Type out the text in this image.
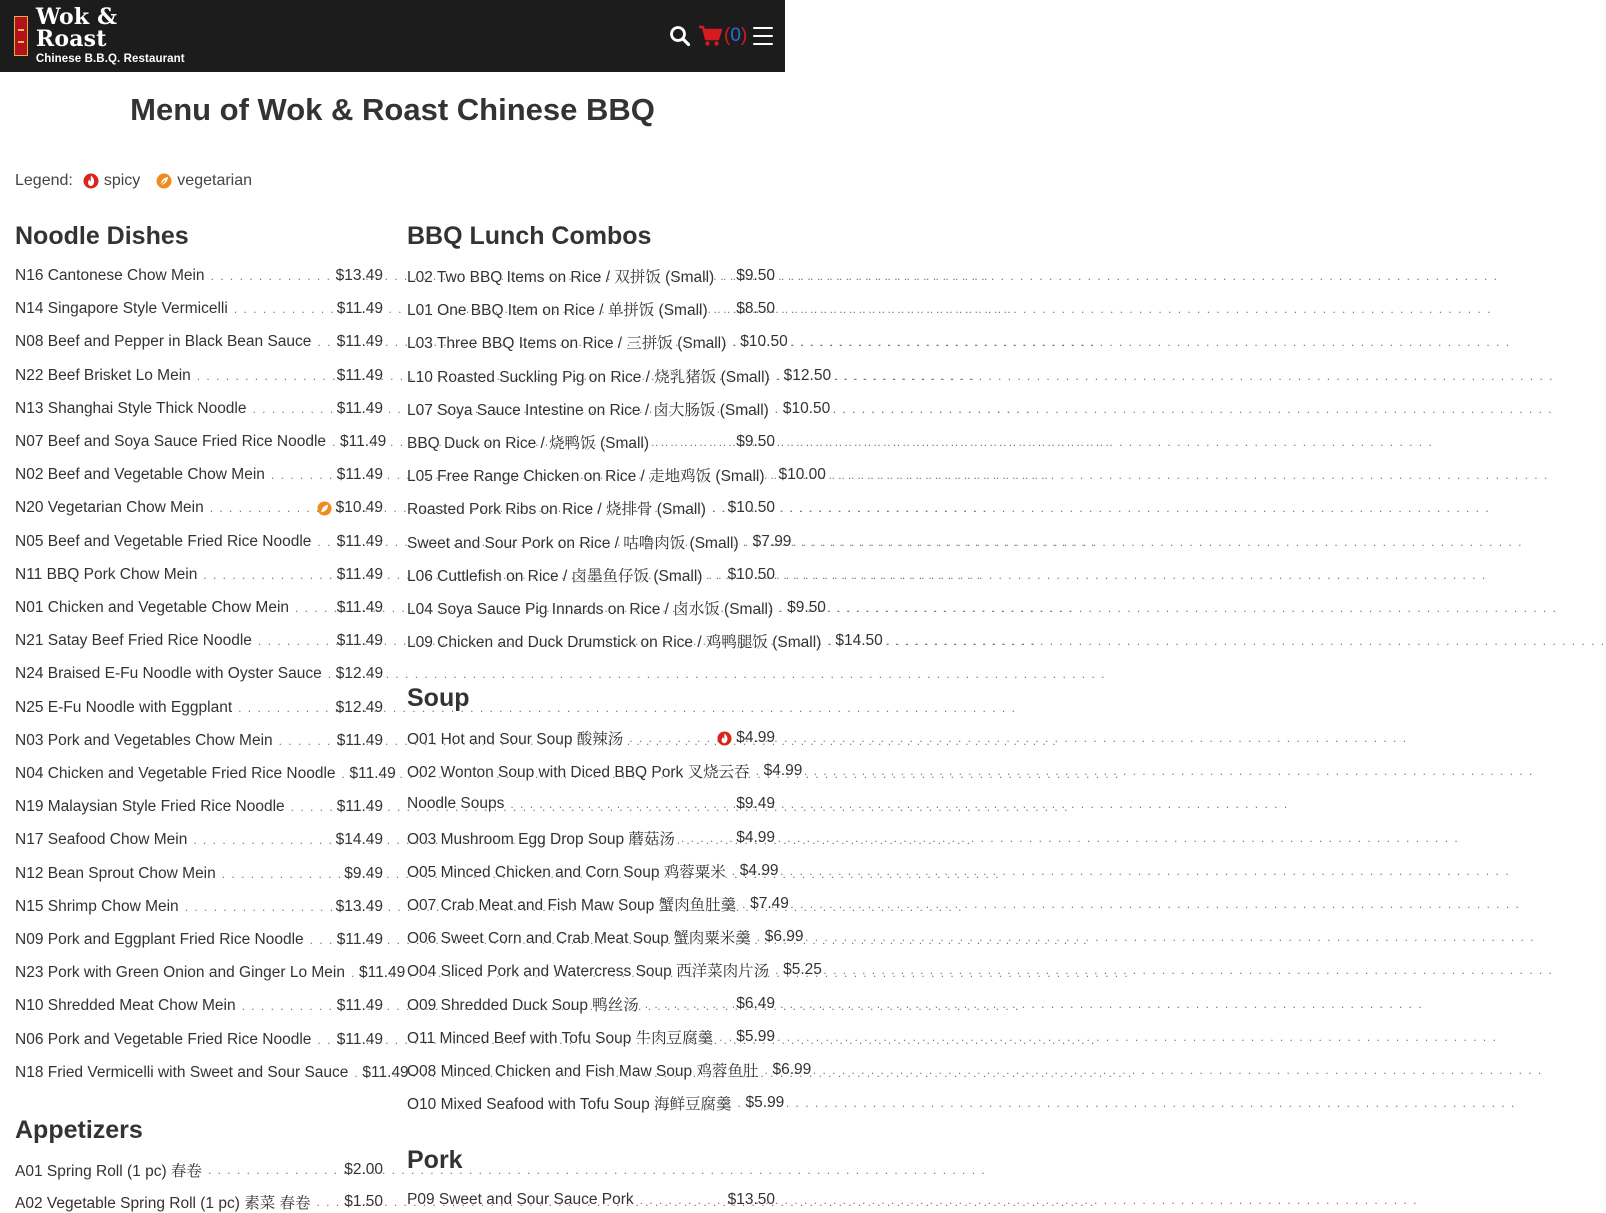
Wok & Roast
Chinese B.B.Q. Restaurant
(0)
Menu of Wok & Roast Chinese BBQ
Legend: spicy vegetarian
Noodle Dishes
N16 Cantonese Chow Mein . . .	$13.49
N14 Singapore Style Vermicelli . . .	$11.49
N08 Beef and Pepper in Black Bean Sauce . . . $11.49
N22 Beef Brisket Lo Mein . . .	$11.49
N13 Shanghai Style Thick Noodle . . .	$11.49
N07 Beef and Soya Sauce Fried Rice Noodle . . . $11.49
N02 Beef and Vegetable Chow Mein . . .	$11.49
N20 Vegetarian Chow Mein . . .	$10.49
N05 Beef and Vegetable Fried Rice Noodle . . . $11.49
N11 BBQ Pork Chow Mein . . .	$11.49
N01 Chicken and Vegetable Chow Mein . . .	$11.49
N21 Satay Beef Fried Rice Noodle . . .	$11.49
N24 Braised E-Fu Noodle with Oyster Sauce . . . $12.49
N25 E-Fu Noodle with Eggplant . . .	$12.49
N03 Pork and Vegetables Chow Mein . . .	$11.49
N04 Chicken and Vegetable Fried Rice Noodle . . . $11.49
N19 Malaysian Style Fried Rice Noodle . . .	$11.49
N17 Seafood Chow Mein . . .	$14.49
N12 Bean Sprout Chow Mein . . .	$9.49
N15 Shrimp Chow Mein . . .	$13.49
N09 Pork and Eggplant Fried Rice Noodle . . . $11.49
N23 Pork with Green Onion and Ginger Lo Mein . . . $11.49
N10 Shredded Meat Chow Mein . . .	$11.49
N06 Pork and Vegetable Fried Rice Noodle . . . $11.49
N18 Fried Vermicelli with Sweet and Sour Sauce . . . $11.49
Appetizers
A01 Spring Roll (1 pc) 春卷 . . .	$2.00
A02 Vegetable Spring Roll (1 pc) 素菜 春卷 . . . $1.50
BBQ Lunch Combos
L02 Two BBQ Items on Rice / 双拼饭 (Small) . . . $9.50
L01 One BBQ Item on Rice / 单拼饭 (Small) . . . $8.50
L03 Three BBQ Items on Rice / 三拼饭 (Small) . . . $10.50
L10 Roasted Suckling Pig on Rice / 烧乳猪饭 (Small) . . . $12.50
L07 Soya Sauce Intestine on Rice / 卤大肠饭 (Small) . . . $10.50
BBQ Duck on Rice / 烧鸭饭 (Small) . . .	$9.50
L05 Free Range Chicken on Rice / 走地鸡饭 (Small) . . . $10.00
Roasted Pork Ribs on Rice / 烧排骨 (Small) . . . $10.50
Sweet and Sour Pork on Rice / 咕噜肉饭 (Small) . . . $7.99
L06 Cuttlefish on Rice / 卤墨鱼仔饭 (Small) . . . $10.50
L04 Soya Sauce Pig Innards on Rice / 卤水饭 (Small) . . . $9.50
L09 Chicken and Duck Drumstick on Rice / 鸡鸭腿饭 (Small) . . . $14.50
Soup
O01 Hot and Sour Soup 酸辣汤 . . .	$4.99
O02 Wonton Soup with Diced BBQ Pork 叉烧云吞 . . . $4.99
Noodle Soups . . .	$9.49
O03 Mushroom Egg Drop Soup 蘑菇汤 . . .	$4.99
O05 Minced Chicken and Corn Soup 鸡蓉粟米 . . . $4.99
O07 Crab Meat and Fish Maw Soup 蟹肉鱼肚羹 . . . $7.49
O06 Sweet Corn and Crab Meat Soup 蟹肉粟米羹 . . . $6.99
O04 Sliced Pork and Watercress Soup 西洋菜肉片汤 . . . $5.25
O09 Shredded Duck Soup 鸭丝汤 . . .	$6.49
O11 Minced Beef with Tofu Soup 牛肉豆腐羹 . . . $5.99
O08 Minced Chicken and Fish Maw Soup 鸡蓉鱼肚 . . . $6.99
O10 Mixed Seafood with Tofu Soup 海鲜豆腐羹 . . . $5.99
Pork
P09 Sweet and Sour Sauce Pork . . .	$13.50
